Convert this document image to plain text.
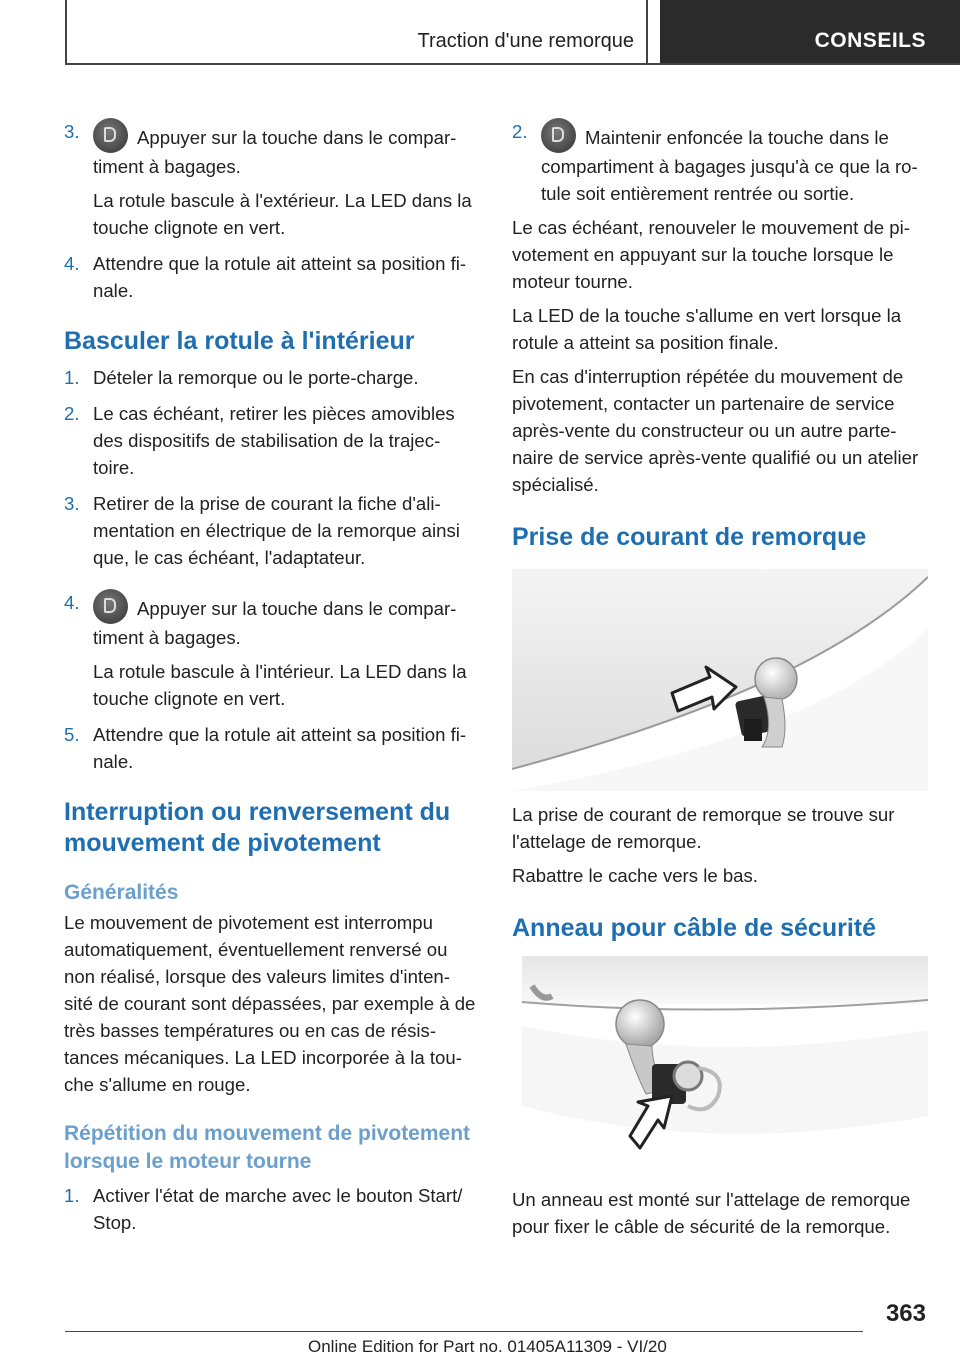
Traction d'une remorque	CONSEILS
3.	Appuyer sur la touche dans le compar-
timent à bagages.
La rotule bascule à l'extérieur. La LED dans la touche clignote en vert.
4. Attendre que la rotule ait atteint sa position fi-nale.
Basculer la rotule à l'intérieur
1. Dételer la remorque ou le porte-charge.
2. Le cas échéant, retirer les pièces amovibles des dispositifs de stabilisation de la trajec-toire.
3. Retirer de la prise de courant la fiche d'ali-mentation en électrique de la remorque ainsi que, le cas échéant, l'adaptateur.
4.	Appuyer sur la touche dans le compar-
timent à bagages.
La rotule bascule à l'intérieur. La LED dans la touche clignote en vert.
5. Attendre que la rotule ait atteint sa position fi-nale.
Interruption ou renversement du mouvement de pivotement
Généralités
Le mouvement de pivotement est interrompu automatiquement, éventuellement renversé ou non réalisé, lorsque des valeurs limites d'inten-sité de courant sont dépassées, par exemple à de très basses températures ou en cas de résis-tances mécaniques. La LED incorporée à la tou-che s'allume en rouge.
Répétition du mouvement de pivotement lorsque le moteur tourne
1. Activer l'état de marche avec le bouton Start/ Stop.
2.	Maintenir enfoncée la touche dans le
compartiment à bagages jusqu'à ce que la ro-tule soit entièrement rentrée ou sortie.
Le cas échéant, renouveler le mouvement de pi-votement en appuyant sur la touche lorsque le moteur tourne.
La LED de la touche s'allume en vert lorsque la rotule a atteint sa position finale.
En cas d'interruption répétée du mouvement de pivotement, contacter un partenaire de service après-vente du constructeur ou un autre parte-naire de service après-vente qualifié ou un atelier spécialisé.
Prise de courant de remorque
La prise de courant de remorque se trouve sur l'attelage de remorque.
Rabattre le cache vers le bas.
Anneau pour câble de sécurité
Un anneau est monté sur l'attelage de remorque pour fixer le câble de sécurité de la remorque.
363
Online Edition for Part no. 01405A11309 - VI/20
